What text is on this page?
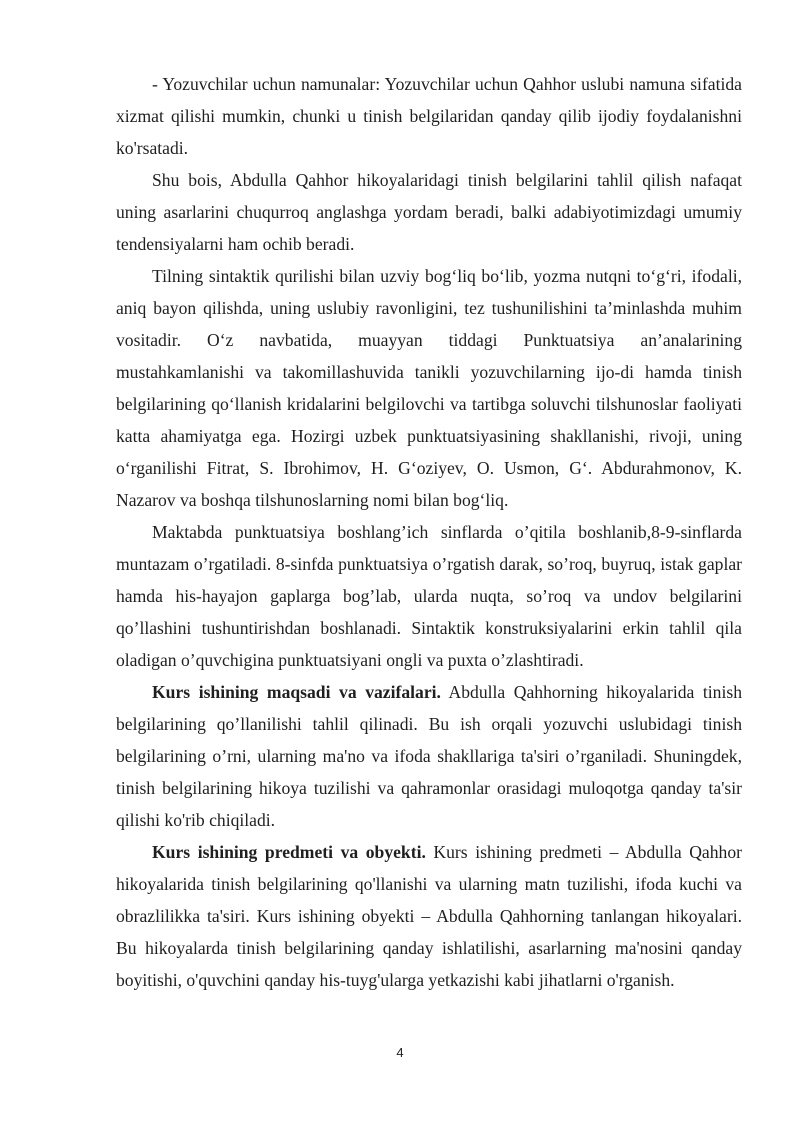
- Yozuvchilar uchun namunalar: Yozuvchilar uchun Qahhor uslubi namuna sifatida xizmat qilishi mumkin, chunki u tinish belgilaridan qanday qilib ijodiy foydalanishni ko'rsatadi.

Shu bois, Abdulla Qahhor hikoyalaridagi tinish belgilarini tahlil qilish nafaqat uning asarlarini chuqurroq anglashga yordam beradi, balki adabiyotimizdagi umumiy tendensiyalarni ham ochib beradi.

Tilning sintaktik qurilishi bilan uzviy bog‘liq bo‘lib, yozma nutqni to‘g‘ri, ifodali, aniq bayon qilishda, uning uslubiy ravonligini, tez tushunilishini ta’minlashda muhim vositadir. O‘z navbatida, muayyan tiddagi Punktuatsiya an’analarining mustahkamlanishi va takomillashuvida tanikli yozuvchilarning ijo-di hamda tinish belgilarining qo‘llanish kridalarini belgilovchi va tartibga soluvchi tilshunoslar faoliyati katta ahamiyatga ega. Hozirgi uzbek punktuatsiyasining shakllanishi, rivoji, uning o‘rganilishi Fitrat, S. Ibrohimov, H. G‘oziyev, O. Usmon, G‘. Abdurahmonov, K. Nazarov va boshqa tilshunoslarning nomi bilan bog‘liq.

Maktabda punktuatsiya boshlang’ich sinflarda o’qitila boshlanib,8-9-sinflarda muntazam o’rgatiladi. 8-sinfda punktuatsiya o’rgatish darak, so’roq, buyruq, istak gaplar hamda his-hayajon gaplarga bog’lab, ularda nuqta, so’roq va undov belgilarini qo’llashini tushuntirishdan boshlanadi. Sintaktik konstruksiyalarini erkin tahlil qila oladigan o’quvchigina punktuatsiyani ongli va puxta o’zlashtiradi.

Kurs ishining maqsadi va vazifalari. Abdulla Qahhorning hikoyalarida tinish belgilarining qo’llanilishi tahlil qilinadi. Bu ish orqali yozuvchi uslubidagi tinish belgilarining o’rni, ularning ma'no va ifoda shakllariga ta'siri o’rganiladi. Shuningdek, tinish belgilarining hikoya tuzilishi va qahramonlar orasidagi muloqotga qanday ta'sir qilishi ko'rib chiqiladi.

Kurs ishining predmeti va obyekti. Kurs ishining predmeti – Abdulla Qahhor hikoyalarida tinish belgilarining qo'llanishi va ularning matn tuzilishi, ifoda kuchi va obrazlilikka ta'siri. Kurs ishining obyekti – Abdulla Qahhorning tanlangan hikoyalari. Bu hikoyalarda tinish belgilarining qanday ishlatilishi, asarlarning ma'nosini qanday boyitishi, o'quvchini qanday his-tuyg'ularga yetkazishi kabi jihatlarni o'rganish.

4
